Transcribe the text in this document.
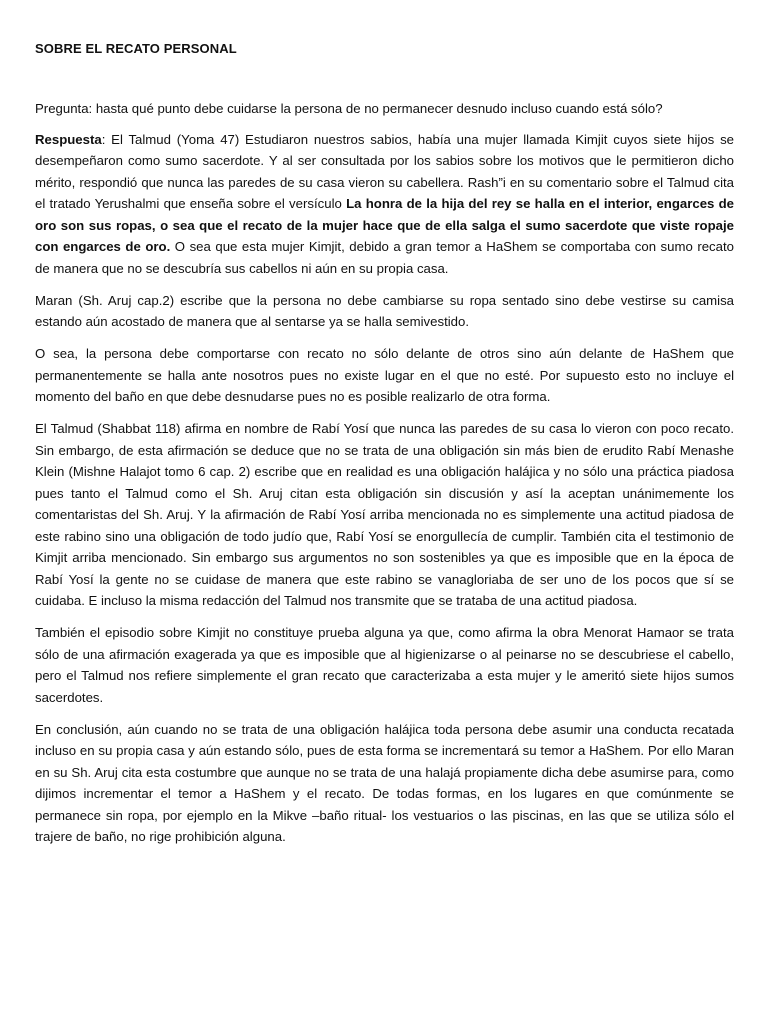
SOBRE EL RECATO PERSONAL

Pregunta: hasta qué punto debe cuidarse la persona de no permanecer desnudo incluso cuando está sólo?

Respuesta: El Talmud (Yoma 47) Estudiaron nuestros sabios, había una mujer llamada Kimjit cuyos siete hijos se desempeñaron como sumo sacerdote. Y al ser consultada por los sabios sobre los motivos que le permitieron dicho mérito, respondió que nunca las paredes de su casa vieron su cabellera. Rash”i en su comentario sobre el Talmud cita el tratado Yerushalmi que enseña sobre el versículo La honra de la hija del rey se halla en el interior, engarces de oro son sus ropas, o sea que el recato de la mujer hace que de ella salga el sumo sacerdote que viste ropaje con engarces de oro. O sea que esta mujer Kimjit, debido a gran temor a HaShem se comportaba con sumo recato de manera que no se descubría sus cabellos ni aún en su propia casa.

Maran (Sh. Aruj cap.2) escribe que la persona no debe cambiarse su ropa sentado sino debe vestirse su camisa estando aún acostado de manera que al sentarse ya se halla semivestido.

O sea, la persona debe comportarse con recato no sólo delante de otros sino aún delante de HaShem que permanentemente se halla ante nosotros pues no existe lugar en el que no esté. Por supuesto esto no incluye el momento del baño en que debe desnudarse pues no es posible realizarlo de otra forma.

El Talmud (Shabbat 118) afirma en nombre de Rabí Yosí que nunca las paredes de su casa lo vieron con poco recato. Sin embargo, de esta afirmación se deduce que no se trata de una obligación sin más bien de erudito Rabí Menashe Klein (Mishne Halajot tomo 6 cap. 2) escribe que en realidad es una obligación halájica y no sólo una práctica piadosa pues tanto el Talmud como el Sh. Aruj citan esta obligación sin discusión y así la aceptan unánimemente los comentaristas del Sh. Aruj. Y la afirmación de Rabí Yosí arriba mencionada no es simplemente una actitud piadosa de este rabino sino una obligación de todo judío que, Rabí Yosí se enorgullecía de cumplir. También cita el testimonio de Kimjit arriba mencionado. Sin embargo sus argumentos no son sostenibles ya que es imposible que en la época de Rabí Yosí la gente no se cuidase de manera que este rabino se vanagloriaba de ser uno de los pocos que sí se cuidaba. E incluso la misma redacción del Talmud nos transmite que se trataba de una actitud piadosa.

También el episodio sobre Kimjit no constituye prueba alguna ya que, como afirma la obra Menorat Hamaor se trata sólo de una afirmación exagerada ya que es imposible que al higienizarse o al peinarse no se descubriese el cabello, pero el Talmud nos refiere simplemente el gran recato que caracterizaba a esta mujer y le ameritó siete hijos sumos sacerdotes.

En conclusión, aún cuando no se trata de una obligación halájica toda persona debe asumir una conducta recatada incluso en su propia casa y aún estando sólo, pues de esta forma se incrementará su temor a HaShem. Por ello Maran en su Sh. Aruj cita esta costumbre que aunque no se trata de una halajá propiamente dicha debe asumirse para, como dijimos incrementar el temor a HaShem y el recato. De todas formas, en los lugares en que comúnmente se permanece sin ropa, por ejemplo en la Mikve –baño ritual- los vestuarios o las piscinas, en las que se utiliza sólo el trajere de baño, no rige prohibición alguna.
